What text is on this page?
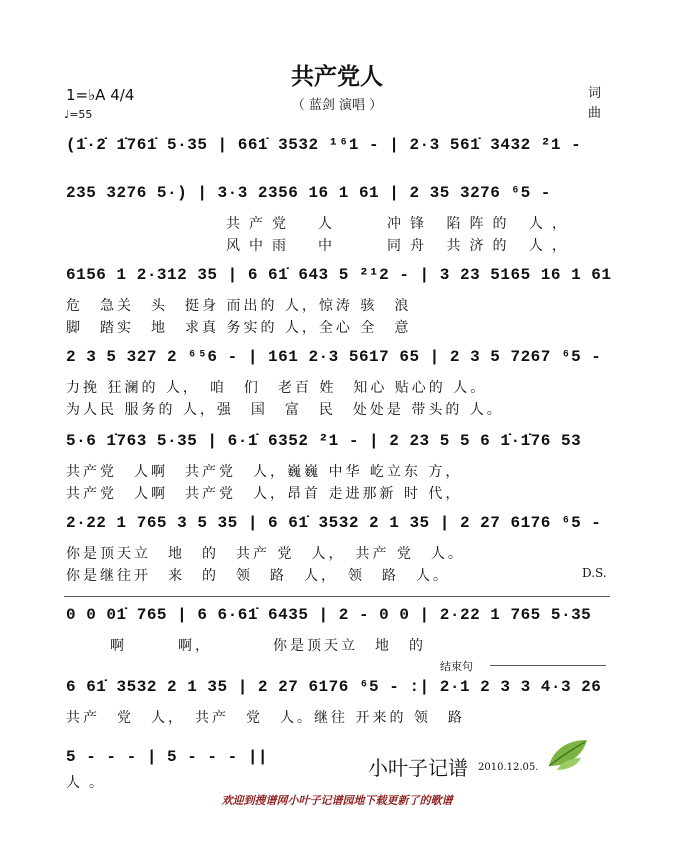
共产党人
（ 蓝剑 演唱 ）
1=♭A 4/4
♩=55
词
曲
(1̇·2̇ 1̇761̇ 5·35 | 661̇ 3532 ¹⁶1 - | 2·3 561̇ 3432 ²1 -
235 3276 5·) | 3·3 2356 16 1 61 | 2 35 3276 ⁶5 -
共产党　人　　冲锋 陷阵的 人，
风中雨　中　　同舟 共济的 人，
6156 1 2·312 35 | 6 61̇ 643 5 ²¹2 - | 3 23 5165 16 1 61
危　急关　头　挺身 而出的 人，惊涛 骇　浪
脚　踏实　地　求真 务实的 人，全心 全　意
2 3 5 327 2 ⁶⁵6 - | 161 2·3 5617 65 | 2 3 5 7267 ⁶5 -
力挽 狂澜的 人，　咱　们　老百 姓　知心 贴心的 人。
为人民 服务的 人，强　国　富　民　处处是 带头的 人。
5·6 1̇763 5·35 | 6·1̇ 6352 ²1 - | 2 23 5 5 6 1̇·1̇76 53
共产党　人啊　共产党　人，巍巍 中华 屹立东 方，
共产党　人啊　共产党　人，昂首 走进那新 时 代，
2·22 1 765 3 5 35 | 6 61̇ 3532 2 1 35 | 2 27 6176 ⁶5 -
你是顶天立　地　的　共产 党　人，　共产 党　人。
你是继往开　来　的　领　路　人，　领　路　人。	D.S.
0 0 01̇ 765 | 6 6·61̇ 6435 | 2 - 0 0 | 2·22 1 765 5·35
啊　　　啊，　　　　你是顶天立　地　的
结束句
6 61̇ 3532 2 1 35 | 2 27 6176 ⁶5 - :| 2·1 2 3 3 4·3 26
共产　党　人，　共产　党　人。继往 开来的 领　路
5 - - - | 5 - - - ||
人。
小叶子记谱 2010.12.05.
欢迎到搜谱网小叶子记谱园地下载更新了的歌谱
